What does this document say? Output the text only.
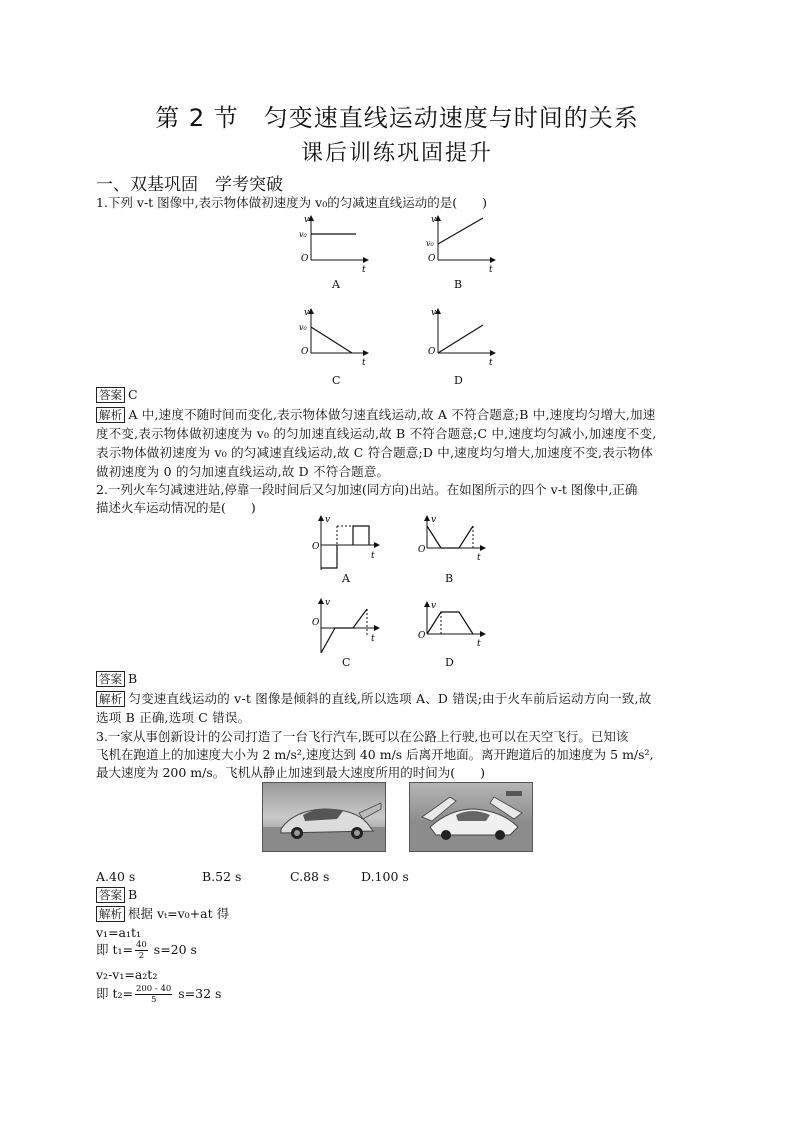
第 2 节　匀变速直线运动速度与时间的关系
课后训练巩固提升
一、双基巩固　学考突破
1.下列 v-t 图像中,表示物体做初速度为 v₀的匀减速直线运动的是(　　)
v
v₀
O
t
A
v
v₀
O
t
B
v
v₀
O
t
C
v
O
t
D
答案 C
解析 A 中,速度不随时间而变化,表示物体做匀速直线运动,故 A 不符合题意;B 中,速度均匀增大,加速
度不变,表示物体做初速度为 v₀ 的匀加速直线运动,故 B 不符合题意;C 中,速度均匀减小,加速度不变,
表示物体做初速度为 v₀ 的匀减速直线运动,故 C 符合题意;D 中,速度均匀增大,加速度不变,表示物体
做初速度为 0 的匀加速直线运动,故 D 不符合题意。
2.一列火车匀减速进站,停靠一段时间后又匀加速(同方向)出站。在如图所示的四个 v-t 图像中,正确
描述火车运动情况的是(　　)
v
O
t
A
v
O
t
B
v
O
t
C
v
O
t
D
答案 B
解析 匀变速直线运动的 v-t 图像是倾斜的直线,所以选项 A、D 错误;由于火车前后运动方向一致,故
选项 B 正确,选项 C 错误。
3.一家从事创新设计的公司打造了一台飞行汽车,既可以在公路上行驶,也可以在天空飞行。已知该
飞机在跑道上的加速度大小为 2 m/s²,速度达到 40 m/s 后离开地面。离开跑道后的加速度为 5 m/s²,
最大速度为 200 m/s。飞机从静止加速到最大速度所用的时间为(　　)
A.40 s	B.52 s	C.88 s	D.100 s
答案 B
解析 根据 vₜ=v₀+at 得
v₁=a₁t₁
即 $t_1= \frac{40}{2} s=20$ s
v₂-v₁=a₂t₂
即 $t_2= \frac{200 - 40}{5} s=32$ s
